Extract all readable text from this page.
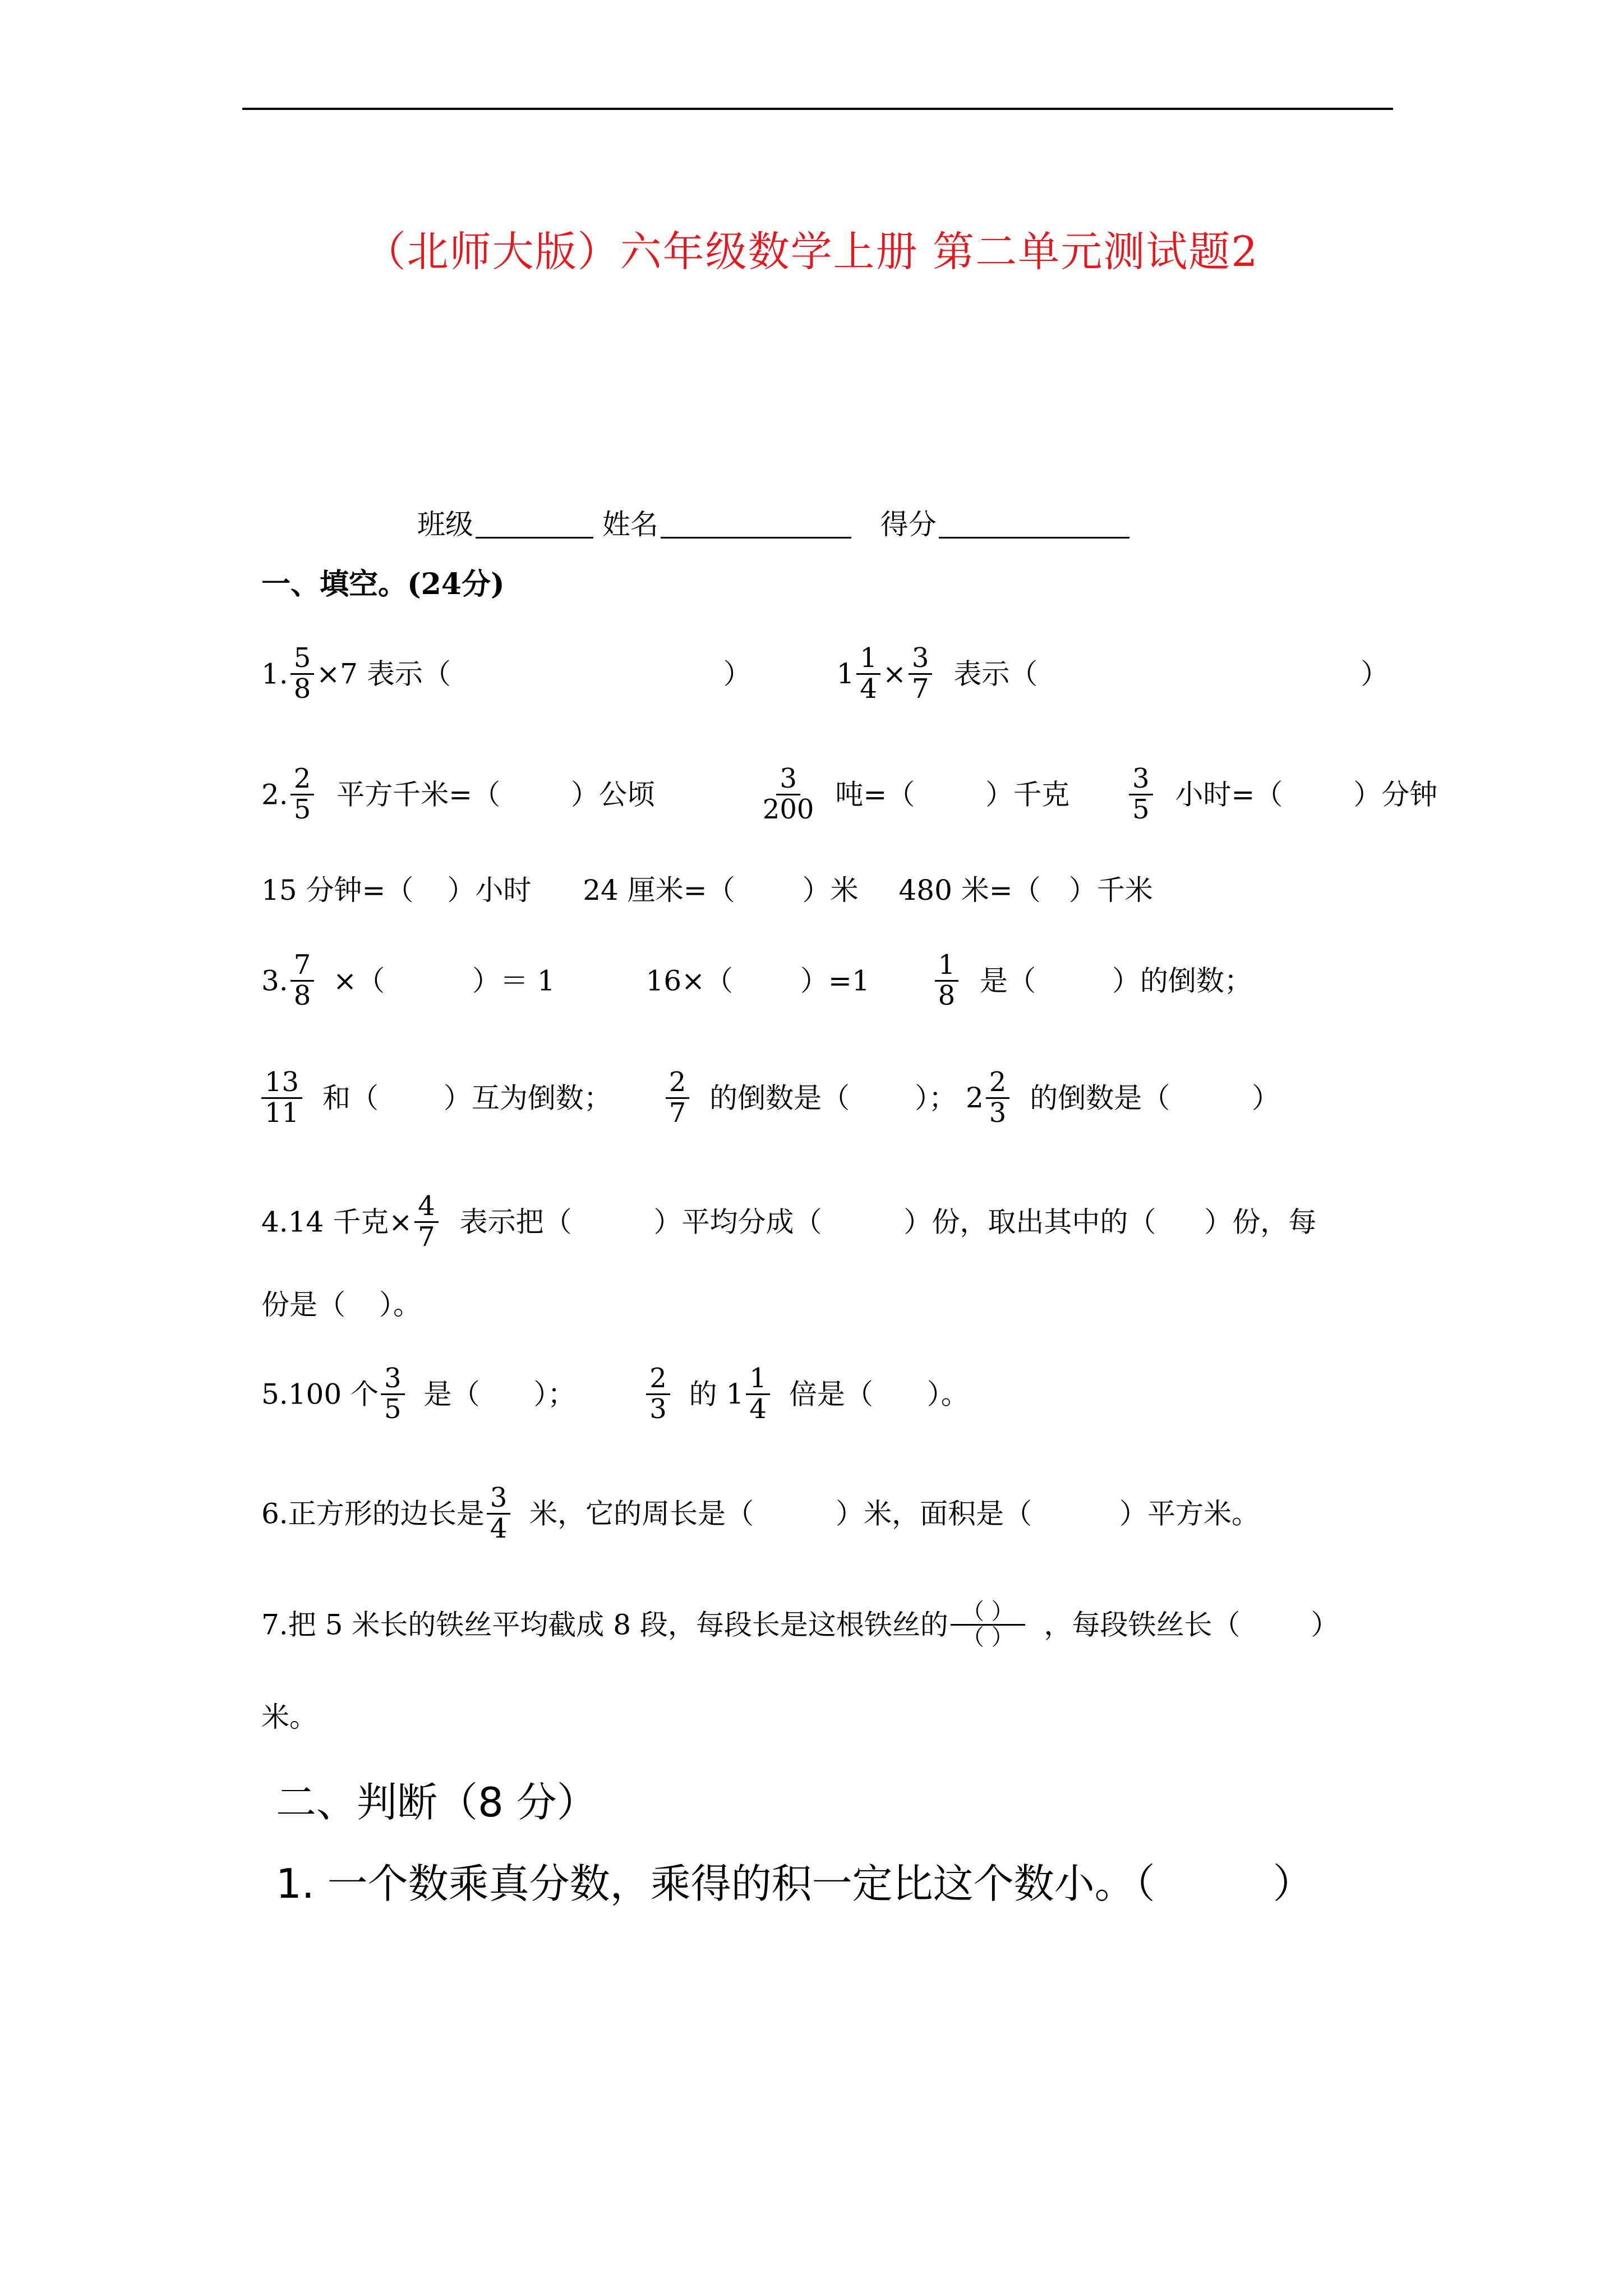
（北师大版）六年级数学上册 第二单元测试题2
班级	姓名	得分
一、填空。(24分)
1. $\frac{5}{8} \times 7$ 表示（	）	$1 \frac{1}{4} \times \frac{3}{7}$ 表示（	）
2. $\frac{2}{5}$ 平方千米=（	）公顷	$\frac{3}{200}$ 吨=（	）千克 $\frac{3}{5}$ 小时=（	）分钟
15 分钟=（ ）小时 24 厘米=（ ）米 480 米=（ ）千米
3. $\frac{7}{8}$ ×（	）＝ 1	16×（ ）$=1 \frac{1}{8}$ 是（	）的倒数；
$\frac{13}{11}$ 和（ ）互为倒数； $\frac{2}{7}$ 的倒数是（ ）； $2 \frac{2}{3}$ 的倒数是（	）
4.14 千克× $\frac{4}{7}$ 表示把（	）平均分成（	）份，取出其中的（ ）份，每
份是（ ）。
5.100 个 $\frac{3}{5}$ 是（ ）；	$\frac{2}{3}$ 的 $1 \frac{1}{4}$ 倍是（ ）。
6.正方形的边长是 $\frac{3}{4}$ 米，它的周长是（	）米，面积是（	）平方米。
7.把 5 米长的铁丝平均截成 8 段，每段长是这根铁丝的 $\frac{( )}{( )}$ ，每段铁丝长（	）
米。
二、判断（8 分）
1. 一个数乘真分数，乘得的积一定比这个数小。（	）
